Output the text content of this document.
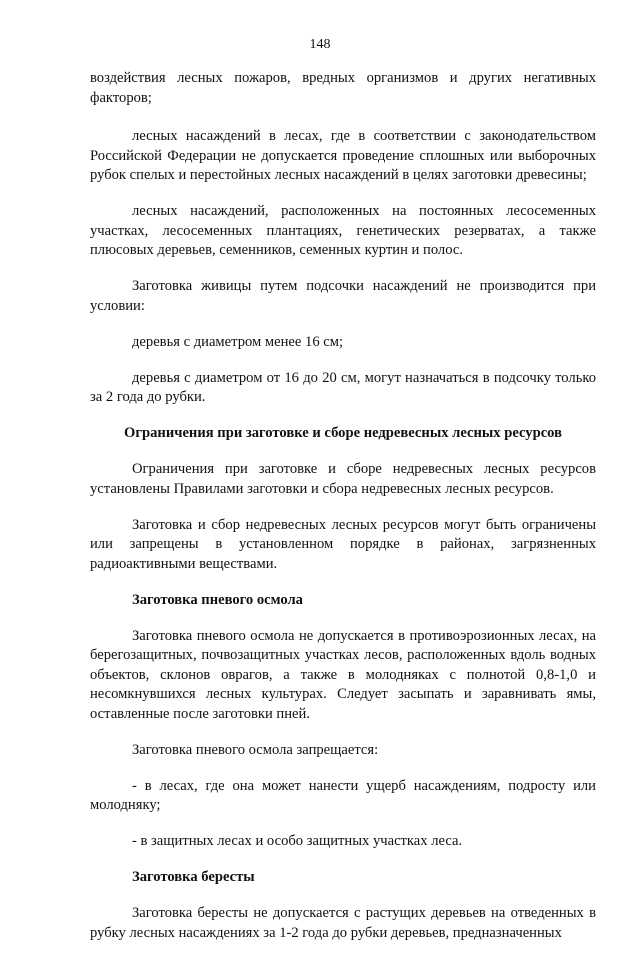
148

воздействия лесных пожаров, вредных организмов и других негативных факторов;

лесных насаждений в лесах, где в соответствии с законодательством Российской Федерации не допускается проведение сплошных или выборочных рубок спелых и перестойных лесных насаждений в целях заготовки древесины;

лесных насаждений, расположенных на постоянных лесосеменных участках, лесосеменных плантациях, генетических резерватах, а также плюсовых деревьев, семенников, семенных куртин и полос.

Заготовка живицы путем подсочки насаждений не производится при условии:

деревья с диаметром менее 16 см;

деревья с диаметром от 16 до 20 см, могут назначаться в подсочку только за 2 года до рубки.

Ограничения при заготовке и сборе недревесных лесных ресурсов

Ограничения при заготовке и сборе недревесных лесных ресурсов установлены Правилами заготовки и сбора недревесных лесных ресурсов.

Заготовка и сбор недревесных лесных ресурсов могут быть ограничены или запрещены в установленном порядке в районах, загрязненных радиоактивными веществами.

Заготовка пневого осмола

Заготовка пневого осмола не допускается в противоэрозионных лесах, на берегозащитных, почвозащитных участках лесов, расположенных вдоль водных объектов, склонов оврагов, а также в молодняках с полнотой 0,8-1,0 и несомкнувшихся лесных культурах. Следует засыпать и заравнивать ямы, оставленные после заготовки пней.

Заготовка пневого осмола запрещается:

- в лесах, где она может нанести ущерб насаждениям, подросту или молодняку;

- в защитных лесах и особо защитных участках леса.

Заготовка бересты

Заготовка бересты не допускается с растущих деревьев на отведенных в рубку лесных насаждениях за 1-2 года до рубки деревьев, предназначенных
